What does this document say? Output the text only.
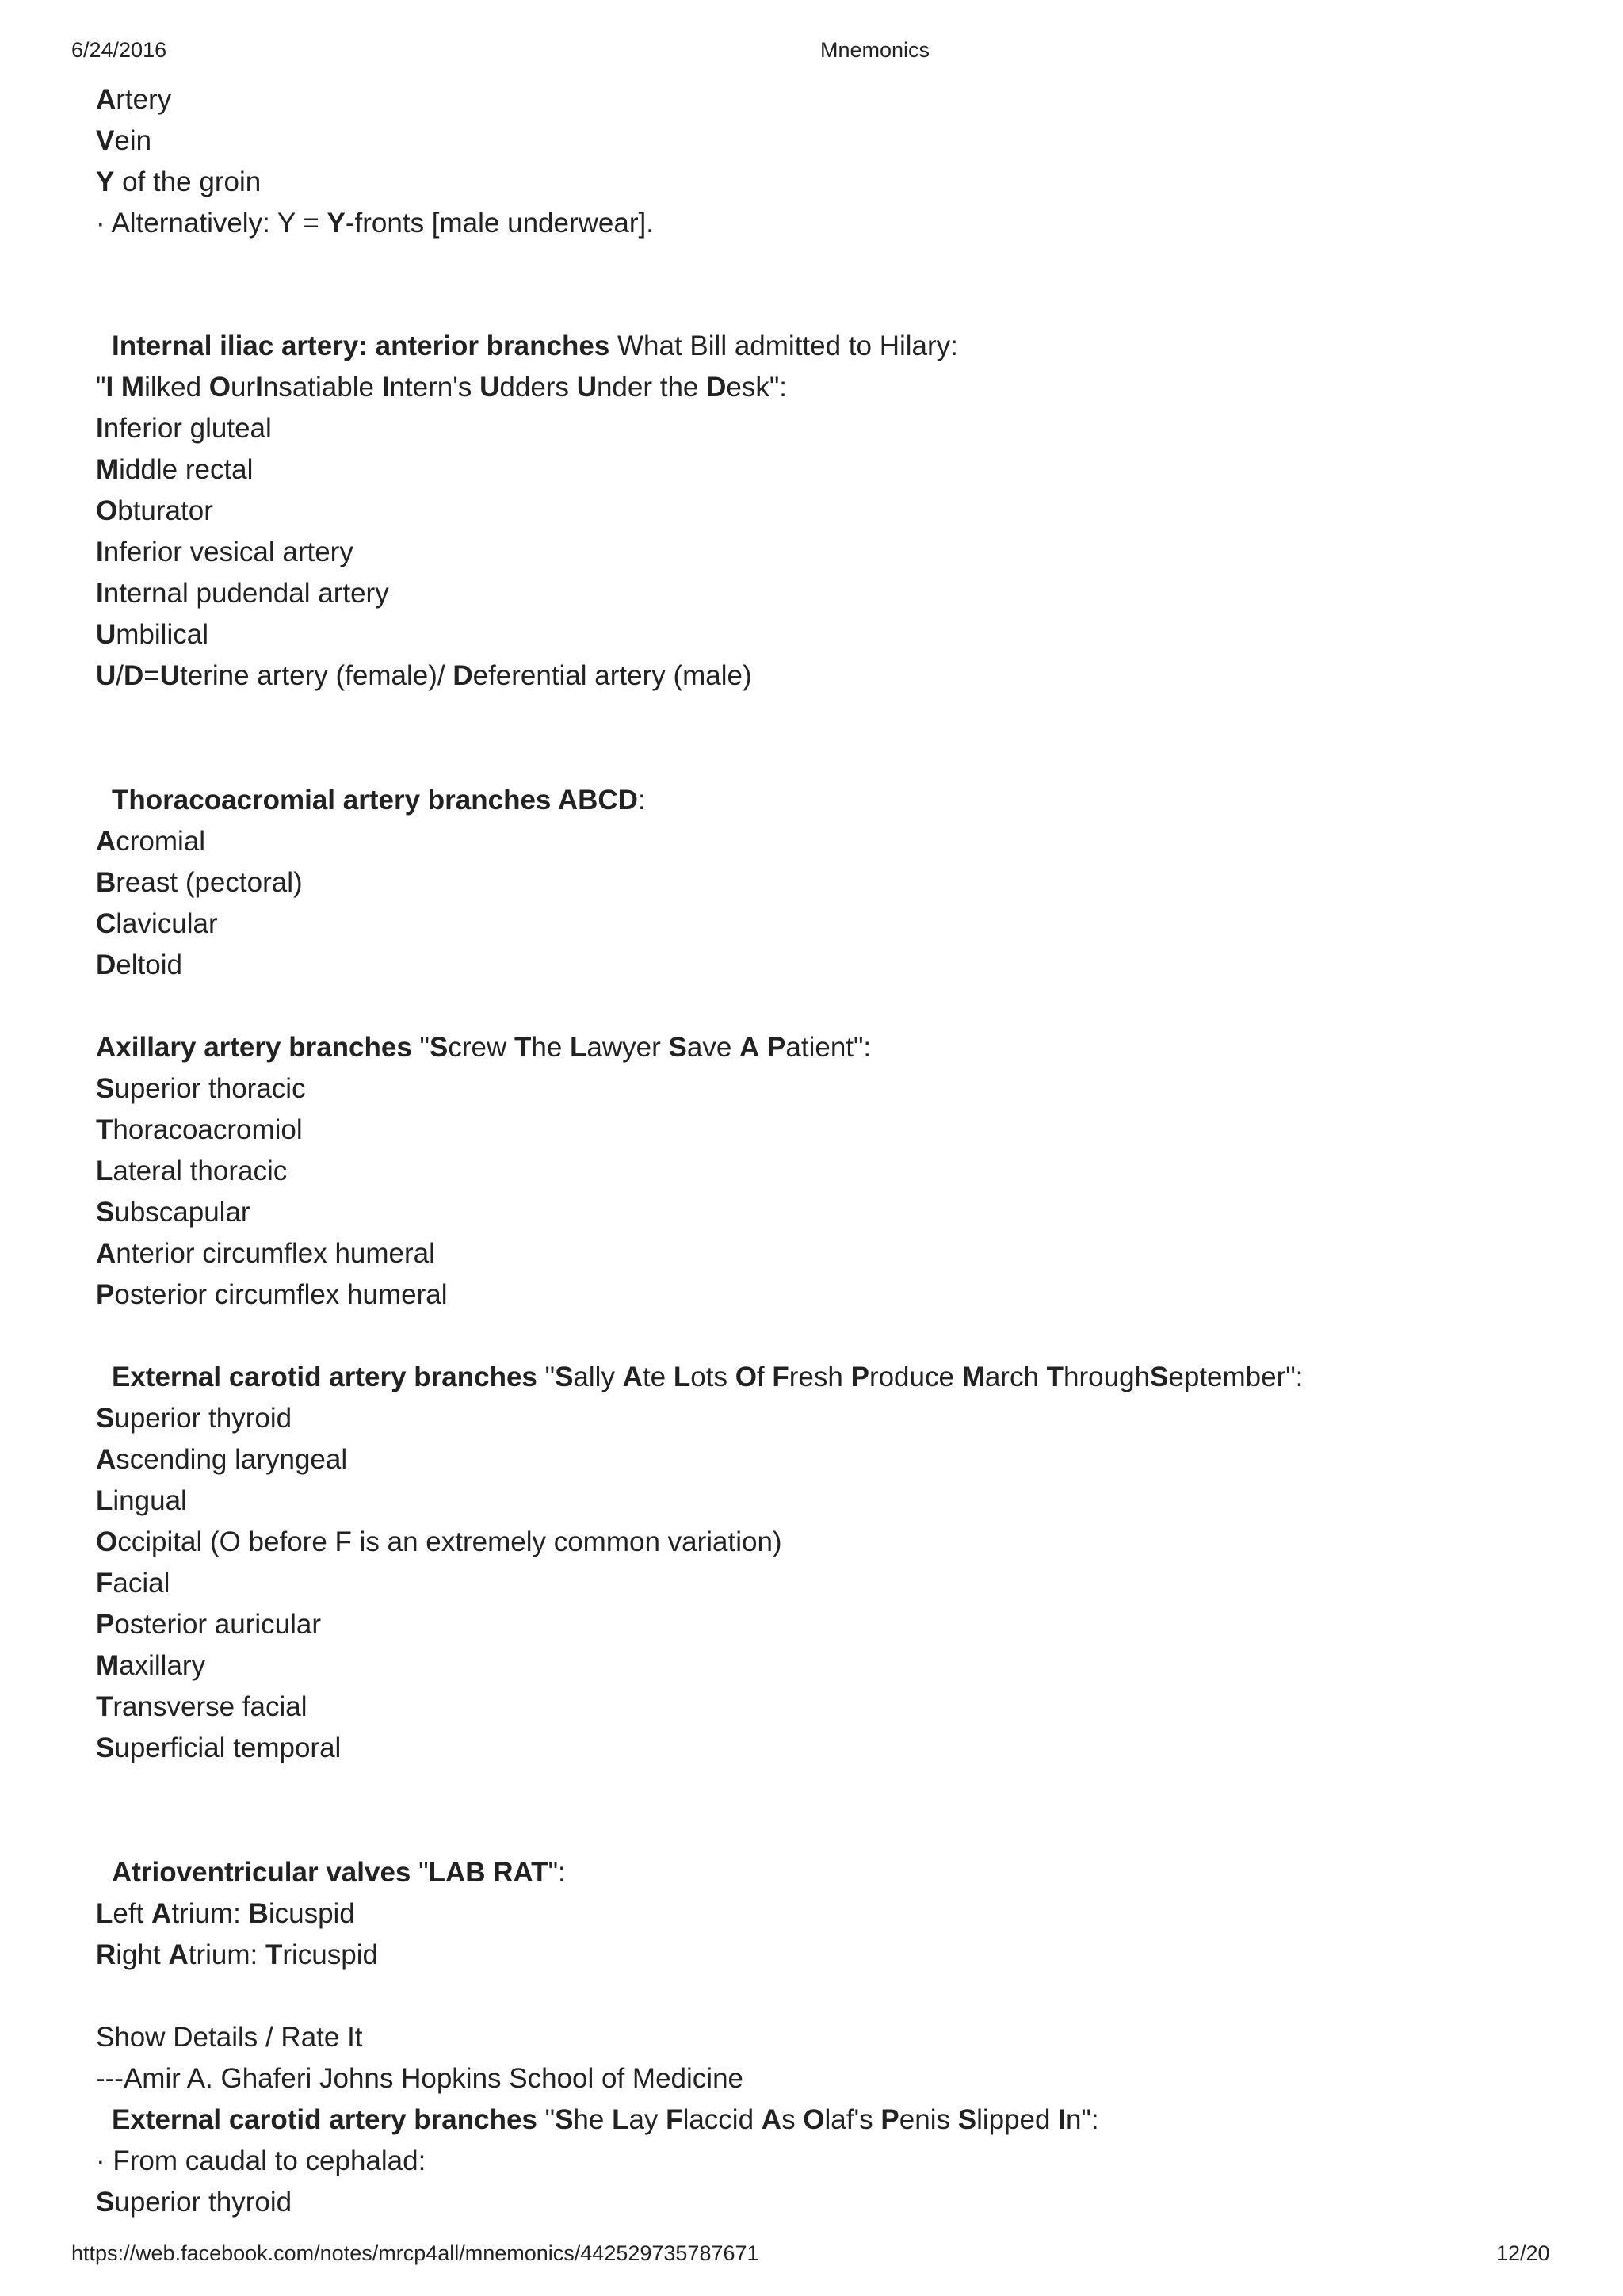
6/24/2016	Mnemonics
Artery
Vein
Y of the groin
· Alternatively: Y = Y-fronts [male underwear].
Internal iliac artery: anterior branches What Bill admitted to Hilary:
"I Milked OurInsatiable Intern's Udders Under the Desk":
Inferior gluteal
Middle rectal
Obturator
Inferior vesical artery
Internal pudendal artery
Umbilical
U/D=Uterine artery (female)/ Deferential artery (male)
Thoracoacromial artery branches ABCD:
Acromial
Breast (pectoral)
Clavicular
Deltoid
Axillary artery branches "Screw The Lawyer Save A Patient":
Superior thoracic
Thoracoacromiol
Lateral thoracic
Subscapular
Anterior circumflex humeral
Posterior circumflex humeral
External carotid artery branches "Sally Ate Lots Of Fresh Produce March ThroughSeptember":
Superior thyroid
Ascending laryngeal
Lingual
Occipital (O before F is an extremely common variation)
Facial
Posterior auricular
Maxillary
Transverse facial
Superficial temporal
Atrioventricular valves "LAB RAT":
Left Atrium: Bicuspid
Right Atrium: Tricuspid
Show Details / Rate It
---Amir A. Ghaferi Johns Hopkins School of Medicine
External carotid artery branches "She Lay Flaccid As Olaf's Penis Slipped In":
· From caudal to cephalad:
Superior thyroid
https://web.facebook.com/notes/mrcp4all/mnemonics/442529735787671	12/20
